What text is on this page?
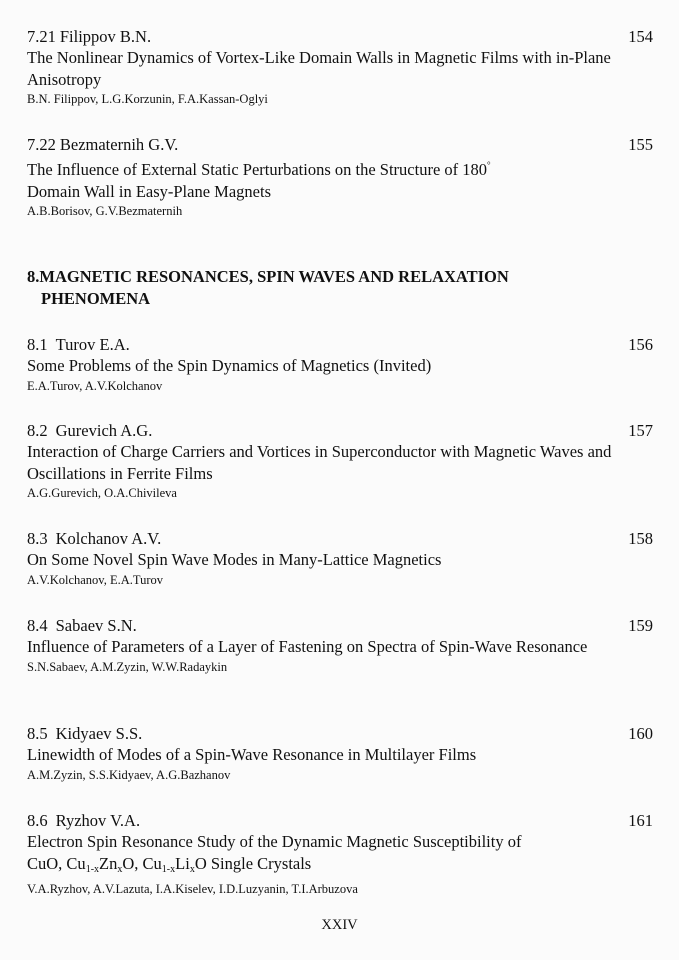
7.21 Filippov B.N.	154
The Nonlinear Dynamics of Vortex-Like Domain Walls in Magnetic Films with in-Plane Anisotropy
B.N. Filippov, L.G.Korzunin, F.A.Kassan-Oglyi
7.22 Bezmaternih G.V.	155
The Influence of External Static Perturbations on the Structure of 180°
Domain Wall in Easy-Plane Magnets
A.B.Borisov, G.V.Bezmaternih
8.MAGNETIC RESONANCES, SPIN WAVES AND RELAXATION
PHENOMENA
8.1 Turov E.A.	156
Some Problems of the Spin Dynamics of Magnetics (Invited)
E.A.Turov, A.V.Kolchanov
8.2 Gurevich A.G.	157
Interaction of Charge Carriers and Vortices in Superconductor with Magnetic Waves and Oscillations in Ferrite Films
A.G.Gurevich, O.A.Chivileva
8.3 Kolchanov A.V.	158
On Some Novel Spin Wave Modes in Many-Lattice Magnetics
A.V.Kolchanov, E.A.Turov
8.4 Sabaev S.N.	159
Influence of Parameters of a Layer of Fastening on Spectra of Spin-Wave Resonance
S.N.Sabaev, A.M.Zyzin, W.W.Radaykin
8.5 Kidyaev S.S.	160
Linewidth of Modes of a Spin-Wave Resonance in Multilayer Films
A.M.Zyzin, S.S.Kidyaev, A.G.Bazhanov
8.6 Ryzhov V.A.	161
Electron Spin Resonance Study of the Dynamic Magnetic Susceptibility of
CuO, $Cu_{1-x}Zn_xO$, $Cu_{1-x}Li_xO$ Single Crystals
V.A.Ryzhov, A.V.Lazuta, I.A.Kiselev, I.D.Luzyanin, T.I.Arbuzova
XXIV
